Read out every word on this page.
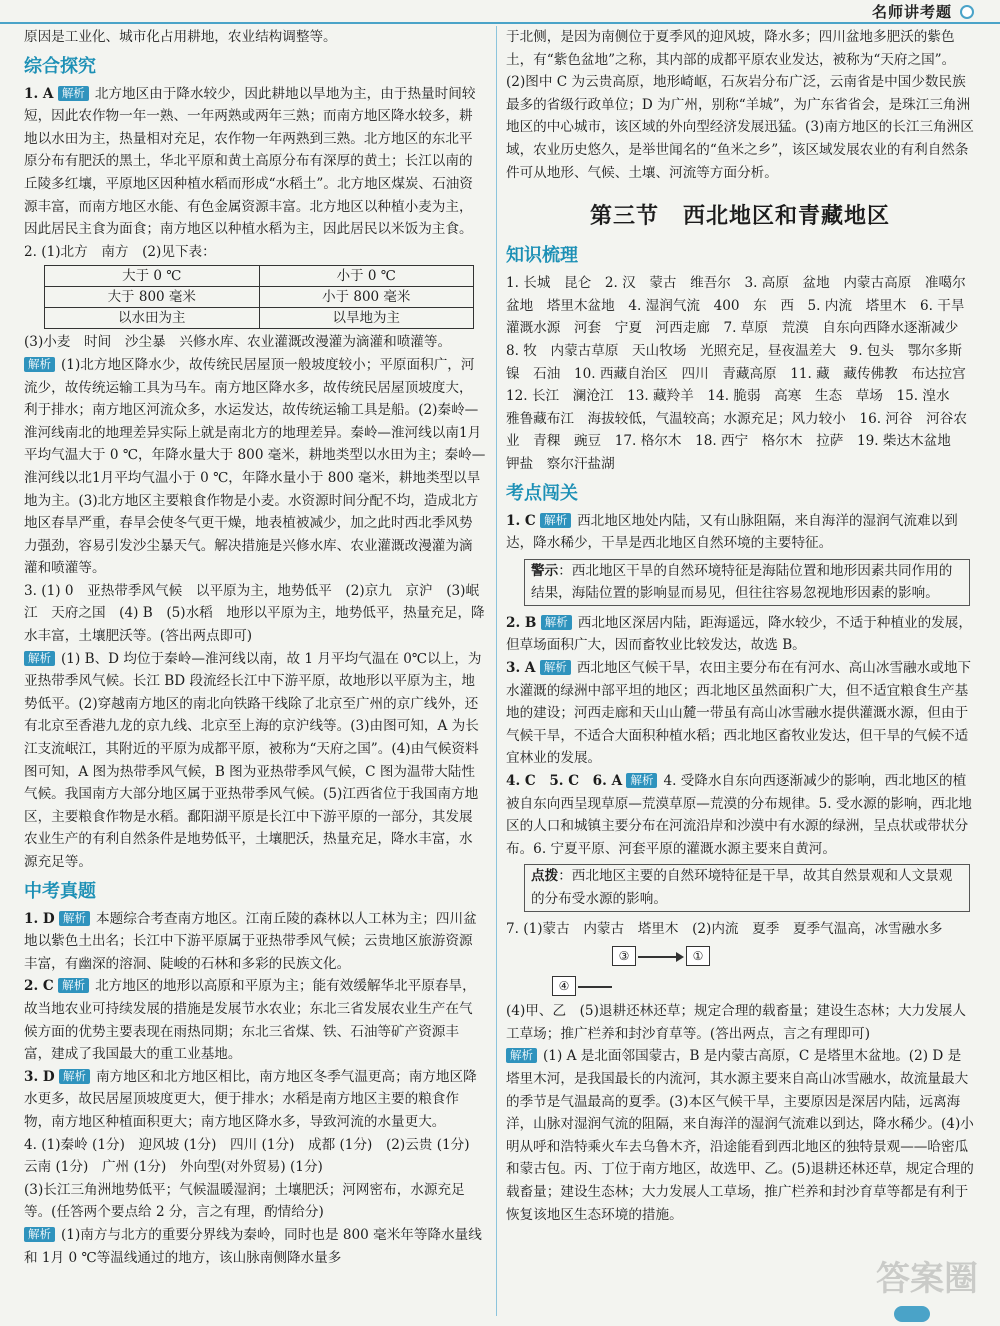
名师讲考题

原因是工业化、城市化占用耕地，农业结构调整等。

综合探究

1. A 解析 北方地区由于降水较少，因此耕地以旱地为主，由于热量时间较短，因此农作物一年一熟、一年两熟或两年三熟；而南方地区降水较多，耕地以水田为主，热量相对充足，农作物一年两熟到三熟。北方地区的东北平原分布有肥沃的黑土，华北平原和黄土高原分布有深厚的黄土；长江以南的丘陵多红壤，平原地区因种植水稻而形成“水稻土”。北方地区煤炭、石油资源丰富，而南方地区水能、有色金属资源丰富。北方地区以种植小麦为主，因此居民主食为面食；南方地区以种植水稻为主，因此居民以米饭为主食。

2. (1)北方　南方　(2)见下表：

大于 0 ℃	小于 0 ℃
大于 800 毫米	小于 800 毫米
以水田为主	以旱地为主

(3)小麦　时间　沙尘暴　兴修水库、农业灌溉改漫灌为滴灌和喷灌等。

解析 (1)北方地区降水少，故传统民居屋顶一般坡度较小；平原面积广，河流少，故传统运输工具为马车。南方地区降水多，故传统民居屋顶坡度大，利于排水；南方地区河流众多，水运发达，故传统运输工具是船。(2)秦岭—淮河线南北的地理差异实际上就是南北方的地理差异。秦岭—淮河线以南1月平均气温大于 0 ℃，年降水量大于 800 毫米，耕地类型以水田为主；秦岭—淮河线以北1月平均气温小于 0 ℃，年降水量小于 800 毫米，耕地类型以旱地为主。(3)北方地区主要粮食作物是小麦。水资源时间分配不均，造成北方地区春旱严重，春旱会使冬气更干燥，地表植被减少，加之此时西北季风势力强劲，容易引发沙尘暴天气。解决措施是兴修水库、农业灌溉改漫灌为滴灌和喷灌等。

3. (1) 0　亚热带季风气候　以平原为主，地势低平　(2)京九　京沪　(3)岷江　天府之国　(4) B　(5)水稻　地形以平原为主，地势低平，热量充足，降水丰富，土壤肥沃等。(答出两点即可)

解析 (1) B、D 均位于秦岭—淮河线以南，故 1 月平均气温在 0℃以上，为亚热带季风气候。长江 BD 段流经长江中下游平原，故地形以平原为主，地势低平。(2)穿越南方地区的南北向铁路干线除了北京至广州的京广线外，还有北京至香港九龙的京九线、北京至上海的京沪线等。(3)由图可知，A 为长江支流岷江，其附近的平原为成都平原，被称为“天府之国”。(4)由气候资料图可知，A 图为热带季风气候，B 图为亚热带季风气候，C 图为温带大陆性气候。我国南方大部分地区属于亚热带季风气候。(5)江西省位于我国南方地区，主要粮食作物是水稻。鄱阳湖平原是长江中下游平原的一部分，其发展农业生产的有利自然条件是地势低平，土壤肥沃，热量充足，降水丰富，水源充足等。

中考真题

1. D 解析 本题综合考查南方地区。江南丘陵的森林以人工林为主；四川盆地以紫色土出名；长江中下游平原属于亚热带季风气候；云贵地区旅游资源丰富，有幽深的溶洞、陡峻的石林和多彩的民族文化。

2. C 解析 北方地区的地形以高原和平原为主；能有效缓解华北平原春旱，故当地农业可持续发展的措施是发展节水农业；东北三省发展农业生产在气候方面的优势主要表现在雨热同期；东北三省煤、铁、石油等矿产资源丰富，建成了我国最大的重工业基地。

3. D 解析 南方地区和北方地区相比，南方地区冬季气温更高；南方地区降水更多，故民居屋顶坡度更大，便于排水；水稻是南方地区主要的粮食作物，南方地区种植面积更大；南方地区降水多，导致河流的水量更大。

4. (1)秦岭 (1分)　迎风坡 (1分)　四川 (1分)　成都 (1分)　(2)云贵 (1分)　云南 (1分)　广州 (1分)　外向型(对外贸易) (1分)

(3)长江三角洲地势低平；气候温暖湿润；土壤肥沃；河网密布，水源充足等。(任答两个要点给 2 分，言之有理，酌情给分)

解析 (1)南方与北方的重要分界线为秦岭，同时也是 800 毫米年等降水量线和 1月 0 ℃等温线通过的地方，该山脉南侧降水量多

于北侧，是因为南侧位于夏季风的迎风坡，降水多；四川盆地多肥沃的紫色土，有“紫色盆地”之称，其内部的成都平原农业发达，被称为“天府之国”。(2)图中 C 为云贵高原，地形崎岖，石灰岩分布广泛，云南省是中国少数民族最多的省级行政单位；D 为广州，别称“羊城”，为广东省省会，是珠江三角洲地区的中心城市，该区域的外向型经济发展迅猛。(3)南方地区的长江三角洲区域，农业历史悠久，是举世闻名的“鱼米之乡”，该区域发展农业的有利自然条件可从地形、气候、土壤、河流等方面分析。

第三节 西北地区和青藏地区
知识梳理

1. 长城　昆仑　2. 汉　蒙古　维吾尔　3. 高原　盆地　内蒙古高原　准噶尔盆地　塔里木盆地　4. 湿润气流　400　东　西　5. 内流　塔里木　6. 干旱　灌溉水源　河套　宁夏　河西走廊　7. 草原　荒漠　自东向西降水逐渐减少　8. 牧　内蒙古草原　天山牧场　光照充足，昼夜温差大　9. 包头　鄂尔多斯　镍　石油　10. 西藏自治区　四川　青藏高原　11. 藏　藏传佛教　布达拉宫　12. 长江　澜沧江　13. 藏羚羊　14. 脆弱　高寒　生态　草场　15. 湟水　雅鲁藏布江　海拔较低，气温较高；水源充足；风力较小　16. 河谷　河谷农业　青稞　豌豆　17. 格尔木　18. 西宁　格尔木　拉萨　19. 柴达木盆地　钾盐　察尔汗盐湖

考点闯关

1. C 解析 西北地区地处内陆，又有山脉阻隔，来自海洋的湿润气流难以到达，降水稀少，干旱是西北地区自然环境的主要特征。

警示：西北地区干旱的自然环境特征是海陆位置和地形因素共同作用的结果，海陆位置的影响显而易见，但往往容易忽视地形因素的影响。

2. B 解析 西北地区深居内陆，距海遥远，降水较少，不适于种植业的发展，但草场面积广大，因而畜牧业比较发达，故选 B。

3. A 解析 西北地区气候干旱，农田主要分布在有河水、高山冰雪融水或地下水灌溉的绿洲中部平坦的地区；西北地区虽然面积广大，但不适宜粮食生产基地的建设；河西走廊和天山山麓一带虽有高山冰雪融水提供灌溉水源，但由于气候干旱，不适合大面积种植水稻；西北地区畜牧业发达，但干旱的气候不适宜林业的发展。

4. C　5. C　6. A 解析 4. 受降水自东向西逐渐减少的影响，西北地区的植被自东向西呈现草原—荒漠草原—荒漠的分布规律。5. 受水源的影响，西北地区的人口和城镇主要分布在河流沿岸和沙漠中有水源的绿洲，呈点状或带状分布。6. 宁夏平原、河套平原的灌溉水源主要来自黄河。

点拨：西北地区主要的自然环境特征是干旱，故其自然景观和人文景观的分布受水源的影响。

7. (1)蒙古　内蒙古　塔里木　(2)内流　夏季　夏季气温高，冰雪融水多

③	①
④

(4)甲、乙　(5)退耕还林还草；规定合理的载畜量；建设生态林；大力发展人工草场；推广栏养和封沙育草等。(答出两点，言之有理即可)

解析 (1) A 是北面邻国蒙古，B 是内蒙古高原，C 是塔里木盆地。(2) D 是塔里木河，是我国最长的内流河，其水源主要来自高山冰雪融水，故流量最大的季节是气温最高的夏季。(3)本区气候干旱，主要原因是深居内陆，远离海洋，山脉对湿润气流的阻隔，来自海洋的湿润气流难以到达，降水稀少。(4)小明从呼和浩特乘火车去乌鲁木齐，沿途能看到西北地区的独特景观——哈密瓜和蒙古包。丙、丁位于南方地区，故选甲、乙。(5)退耕还林还草，规定合理的载畜量；建设生态林；大力发展人工草场，推广栏养和封沙育草等都是有利于恢复该地区生态环境的措施。

答案圈
